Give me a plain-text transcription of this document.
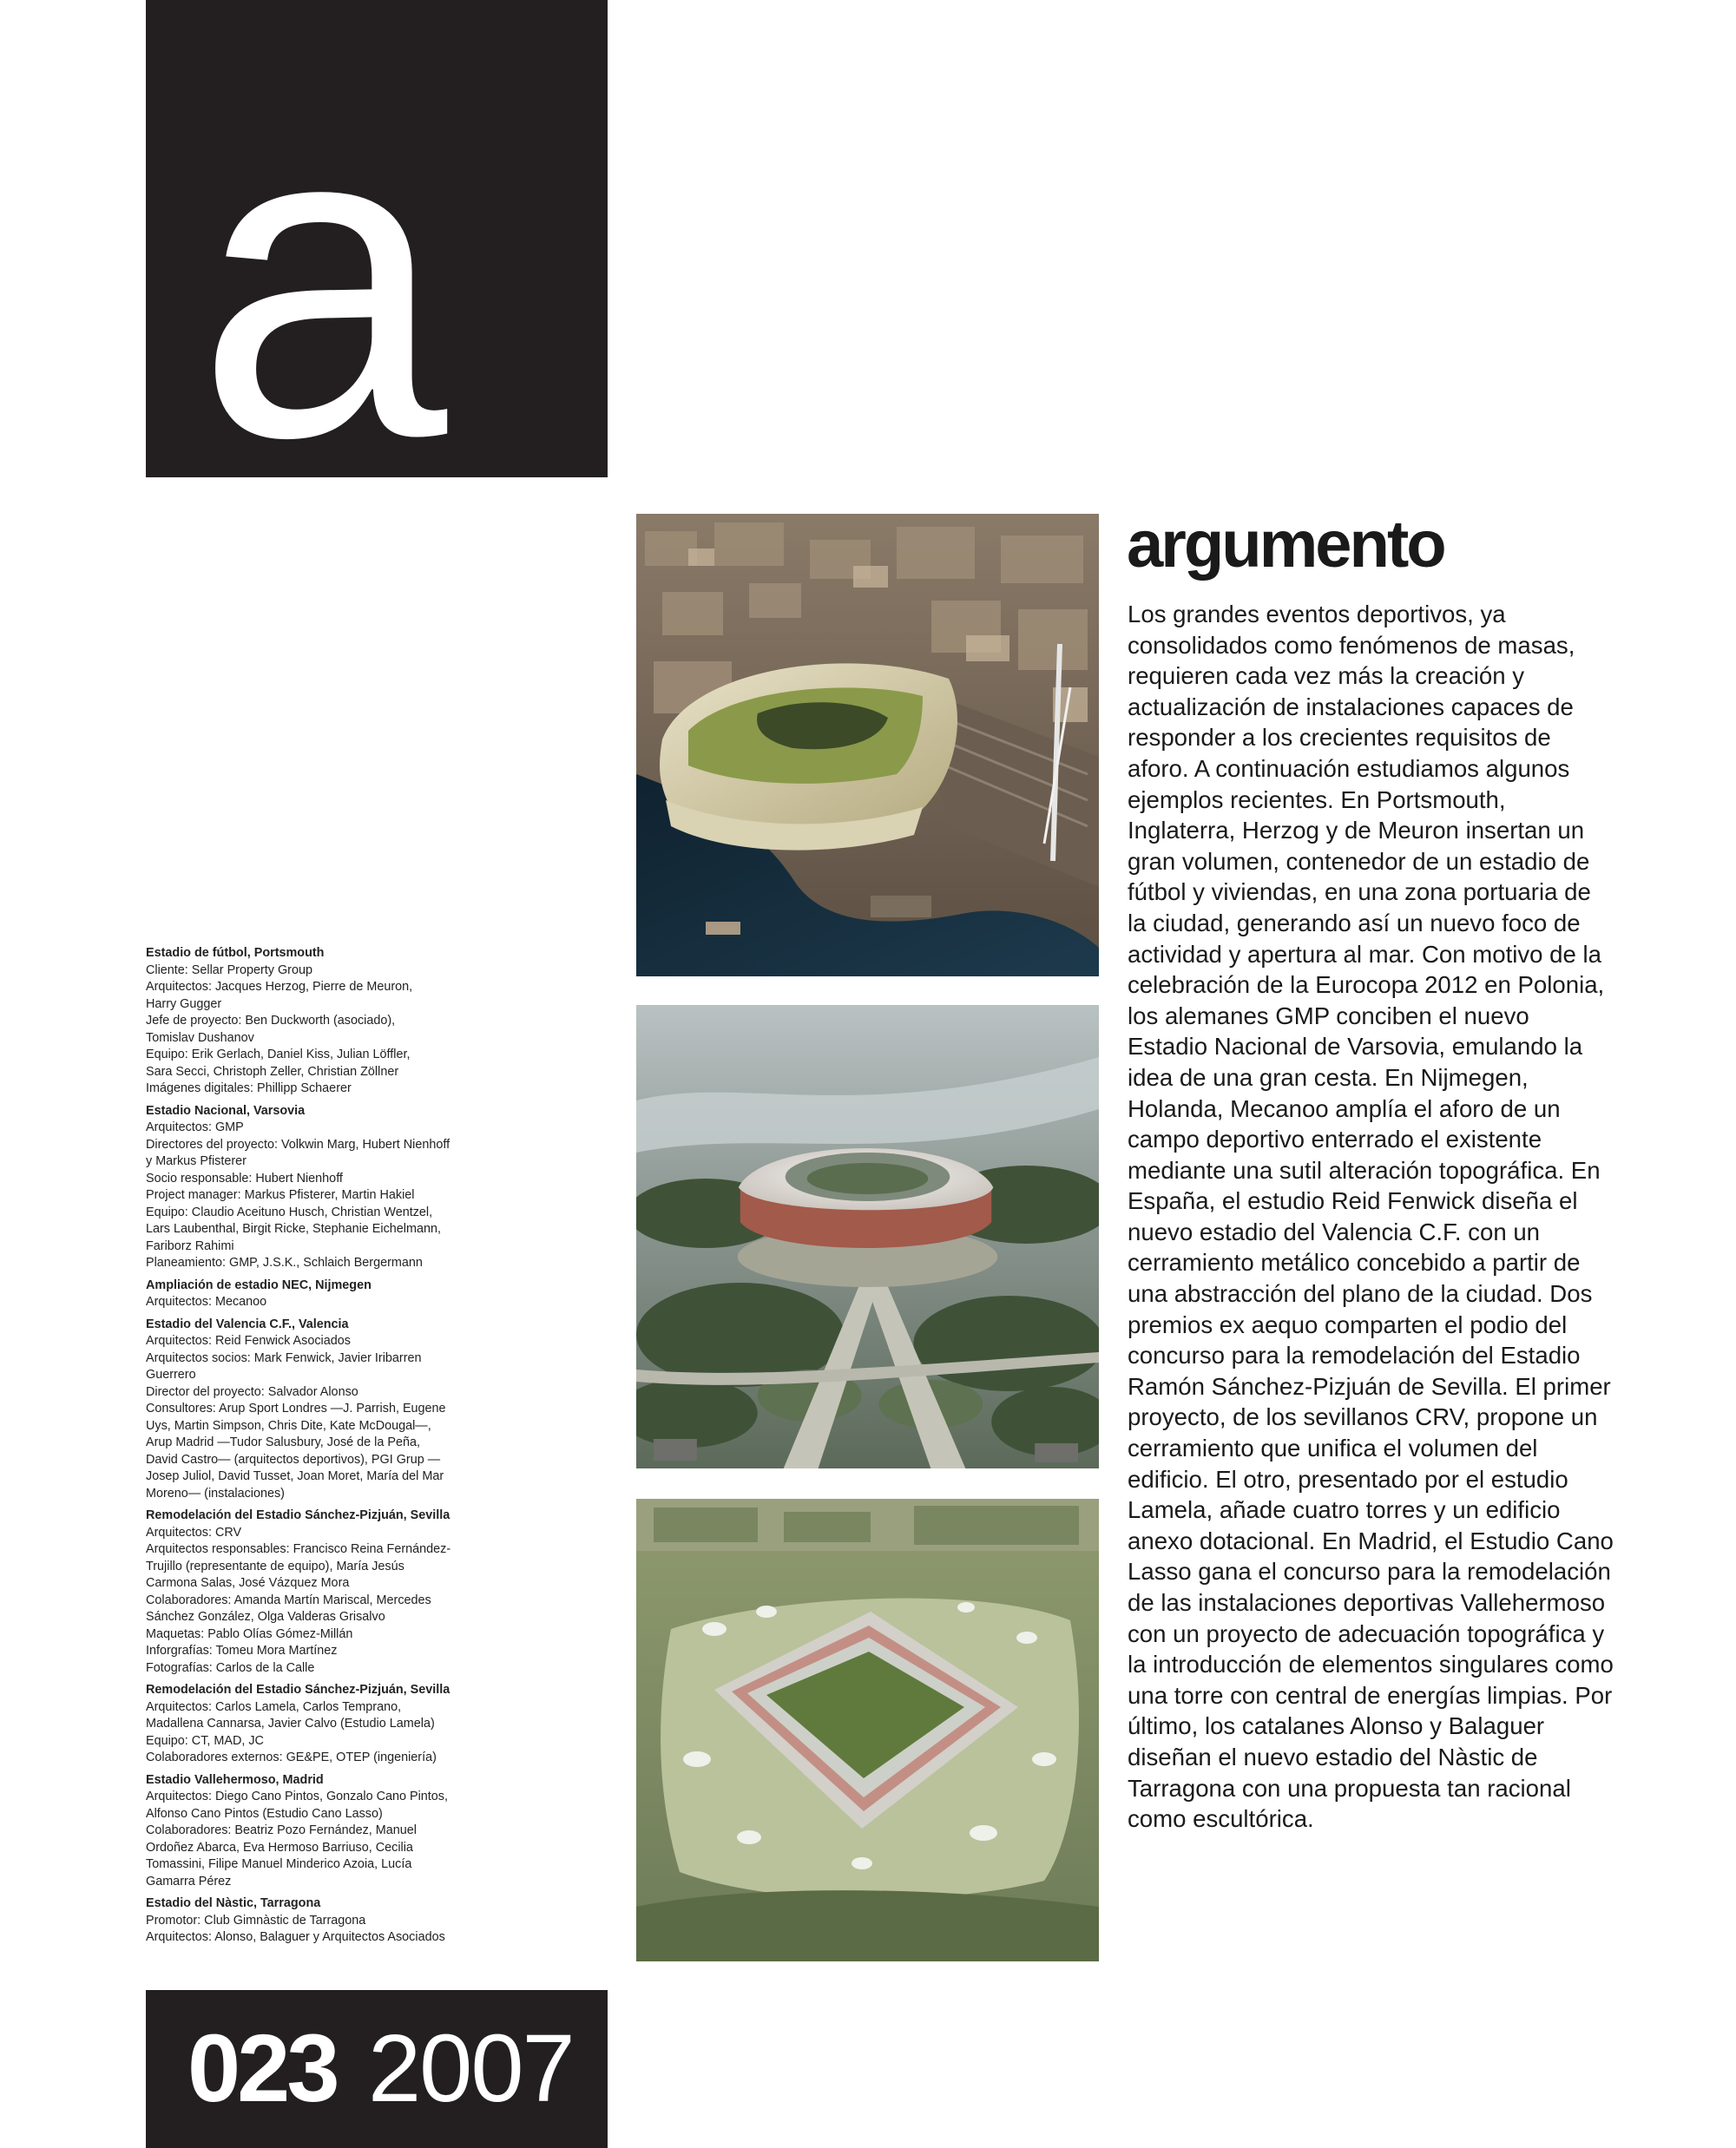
a
Estadio de fútbol, Portsmouth
Cliente: Sellar Property Group
Arquitectos: Jacques Herzog, Pierre de Meuron,
Harry Gugger
Jefe de proyecto: Ben Duckworth (asociado),
Tomislav Dushanov
Equipo: Erik Gerlach, Daniel Kiss, Julian Löffler,
Sara Secci, Christoph Zeller, Christian Zöllner
Imágenes digitales: Phillipp Schaerer
Estadio Nacional, Varsovia
Arquitectos: GMP
Directores del proyecto: Volkwin Marg, Hubert Nienhoff
y Markus Pfisterer
Socio responsable: Hubert Nienhoff
Project manager: Markus Pfisterer, Martin Hakiel
Equipo: Claudio Aceituno Husch, Christian Wentzel,
Lars Laubenthal, Birgit Ricke, Stephanie Eichelmann,
Fariborz Rahimi
Planeamiento: GMP, J.S.K., Schlaich Bergermann
Ampliación de estadio NEC, Nijmegen
Arquitectos: Mecanoo
Estadio del Valencia C.F., Valencia
Arquitectos: Reid Fenwick Asociados
Arquitectos socios: Mark Fenwick, Javier Iribarren
Guerrero
Director del proyecto: Salvador Alonso
Consultores: Arup Sport Londres —J. Parrish, Eugene
Uys, Martin Simpson, Chris Dite, Kate McDougal—,
Arup Madrid —Tudor Salusbury, José de la Peña,
David Castro— (arquitectos deportivos), PGI Grup —
Josep Juliol, David Tusset, Joan Moret, María del Mar
Moreno— (instalaciones)
Remodelación del Estadio Sánchez-Pizjuán, Sevilla
Arquitectos: CRV
Arquitectos responsables: Francisco Reina Fernández-
Trujillo (representante de equipo), María Jesús
Carmona Salas, José Vázquez Mora
Colaboradores: Amanda Martín Mariscal, Mercedes
Sánchez González, Olga Valderas Grisalvo
Maquetas: Pablo Olías Gómez-Millán
Inforgrafías: Tomeu Mora Martínez
Fotografías: Carlos de la Calle
Remodelación del Estadio Sánchez-Pizjuán, Sevilla
Arquitectos: Carlos Lamela, Carlos Temprano,
Madallena Cannarsa, Javier Calvo (Estudio Lamela)
Equipo: CT, MAD, JC
Colaboradores externos: GE&PE, OTEP (ingeniería)
Estadio Vallehermoso, Madrid
Arquitectos: Diego Cano Pintos, Gonzalo Cano Pintos,
Alfonso Cano Pintos (Estudio Cano Lasso)
Colaboradores: Beatriz Pozo Fernández, Manuel
Ordoñez Abarca, Eva Hermoso Barriuso, Cecilia
Tomassini, Filipe Manuel Minderico Azoia, Lucía
Gamarra Pérez
Estadio del Nàstic, Tarragona
Promotor: Club Gimnàstic de Tarragona
Arquitectos: Alonso, Balaguer y Arquitectos Asociados
argumento

Los grandes eventos deportivos, ya consolidados como fenómenos de masas, requieren cada vez más la creación y actualización de instalaciones capaces de responder a los crecientes requisitos de aforo. A continuación estudiamos algunos ejemplos recientes. En Portsmouth, Inglaterra, Herzog y de Meuron insertan un gran volumen, contenedor de un estadio de fútbol y viviendas, en una zona portuaria de la ciudad, generando así un nuevo foco de actividad y apertura al mar. Con motivo de la celebración de la Eurocopa 2012 en Polonia, los alemanes GMP conciben el nuevo Estadio Nacional de Varsovia, emulando la idea de una gran cesta. En Nijmegen, Holanda, Mecanoo amplía el aforo de un campo deportivo enterrado el existente mediante una sutil alteración topográfica. En España, el estudio Reid Fenwick diseña el nuevo estadio del Valencia C.F. con un cerramiento metálico concebido a partir de una abstracción del plano de la ciudad. Dos premios ex aequo comparten el podio del concurso para la remodelación del Estadio Ramón Sánchez-Pizjuán de Sevilla. El primer proyecto, de los sevillanos CRV, propone un cerramiento que unifica el volumen del edificio. El otro, presentado por el estudio Lamela, añade cuatro torres y un edificio anexo dotacional. En Madrid, el Estudio Cano Lasso gana el concurso para la remodelación de las instalaciones deportivas Vallehermoso con un proyecto de adecuación topográfica y la introducción de elementos singulares como una torre con central de energías limpias. Por último, los catalanes Alonso y Balaguer diseñan el nuevo estadio del Nàstic de Tarragona con una propuesta tan racional como escultórica.

023 2007
